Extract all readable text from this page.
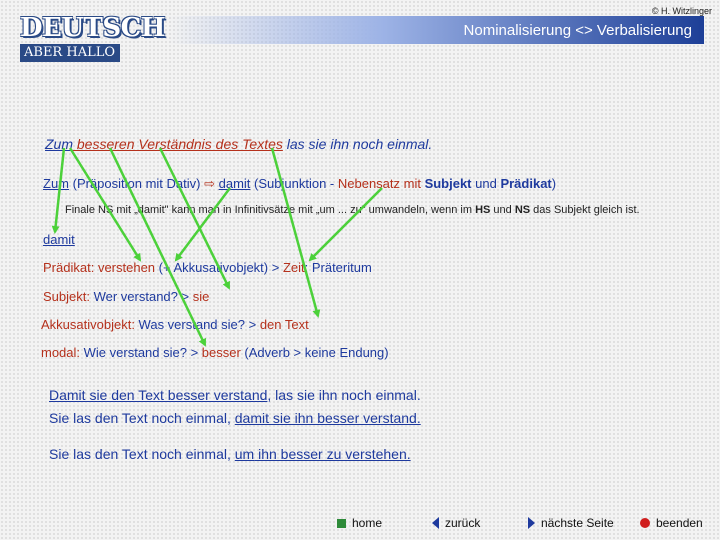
© H. Witzlinger
DEUTSCH
ABER HALLO
Nominalisierung <> Verbalisierung
Zum besseren Verständnis des Textes las sie ihn noch einmal.
Zum (Präposition mit Dativ) ⇨ damit (Subjunktion - Nebensatz mit Subjekt und Prädikat)
Finale NS mit „damit" kann man in Infinitivsätze mit „um ... zu" umwandeln, wenn im HS und NS das Subjekt gleich ist.
damit
Prädikat: verstehen (+ Akkusativobjekt) > Zeit: Präteritum
Subjekt: Wer verstand? > sie
Akkusativobjekt: Was verstand sie? > den Text
modal: Wie verstand sie? > besser (Adverb > keine Endung)
Damit sie den Text besser verstand, las sie ihn noch einmal.
Sie las den Text noch einmal, damit sie ihn besser verstand.
Sie las den Text noch einmal, um ihn besser zu verstehen.
home	zurück	nächste Seite	beenden
